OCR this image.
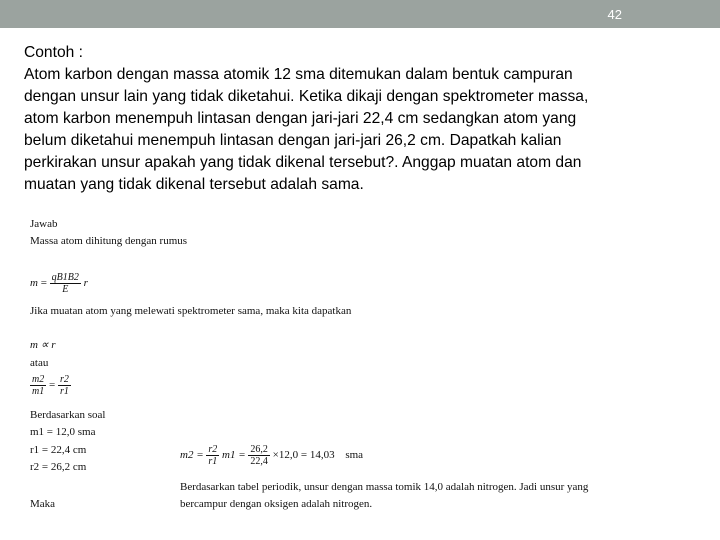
42
Contoh :
Atom karbon dengan massa atomik 12 sma ditemukan dalam bentuk campuran
dengan unsur lain yang tidak diketahui. Ketika dikaji dengan spektrometer massa,
atom karbon menempuh lintasan dengan jari-jari 22,4 cm sedangkan atom yang
belum diketahui menempuh lintasan dengan jari-jari 26,2 cm. Dapatkah kalian
perkirakan unsur apakah yang tidak dikenal tersebut?. Anggap muatan atom dan
muatan yang tidak dikenal tersebut adalah sama.
Jawab
Massa atom dihitung dengan rumus
$m = \frac{qB1B2}{E}$ r
Jika muatan atom yang melewati spektrometer sama, maka kita dapatkan
m ∝ r
atau
$\frac{m2}{m1} = \frac{r2}{r1}$
Berdasarkan soal
m1 = 12,0 sma
r1 = 22,4 cm
r2 = 26,2 cm
$m2 = \frac{r2}{r1} m1 = \frac{26,2}{22,4} \times 12,0 = 14,03$ sma
Berdasarkan tabel periodik, unsur dengan massa tomik 14,0 adalah nitrogen. Jadi unsur yang
bercampur dengan oksigen adalah nitrogen.
Maka
